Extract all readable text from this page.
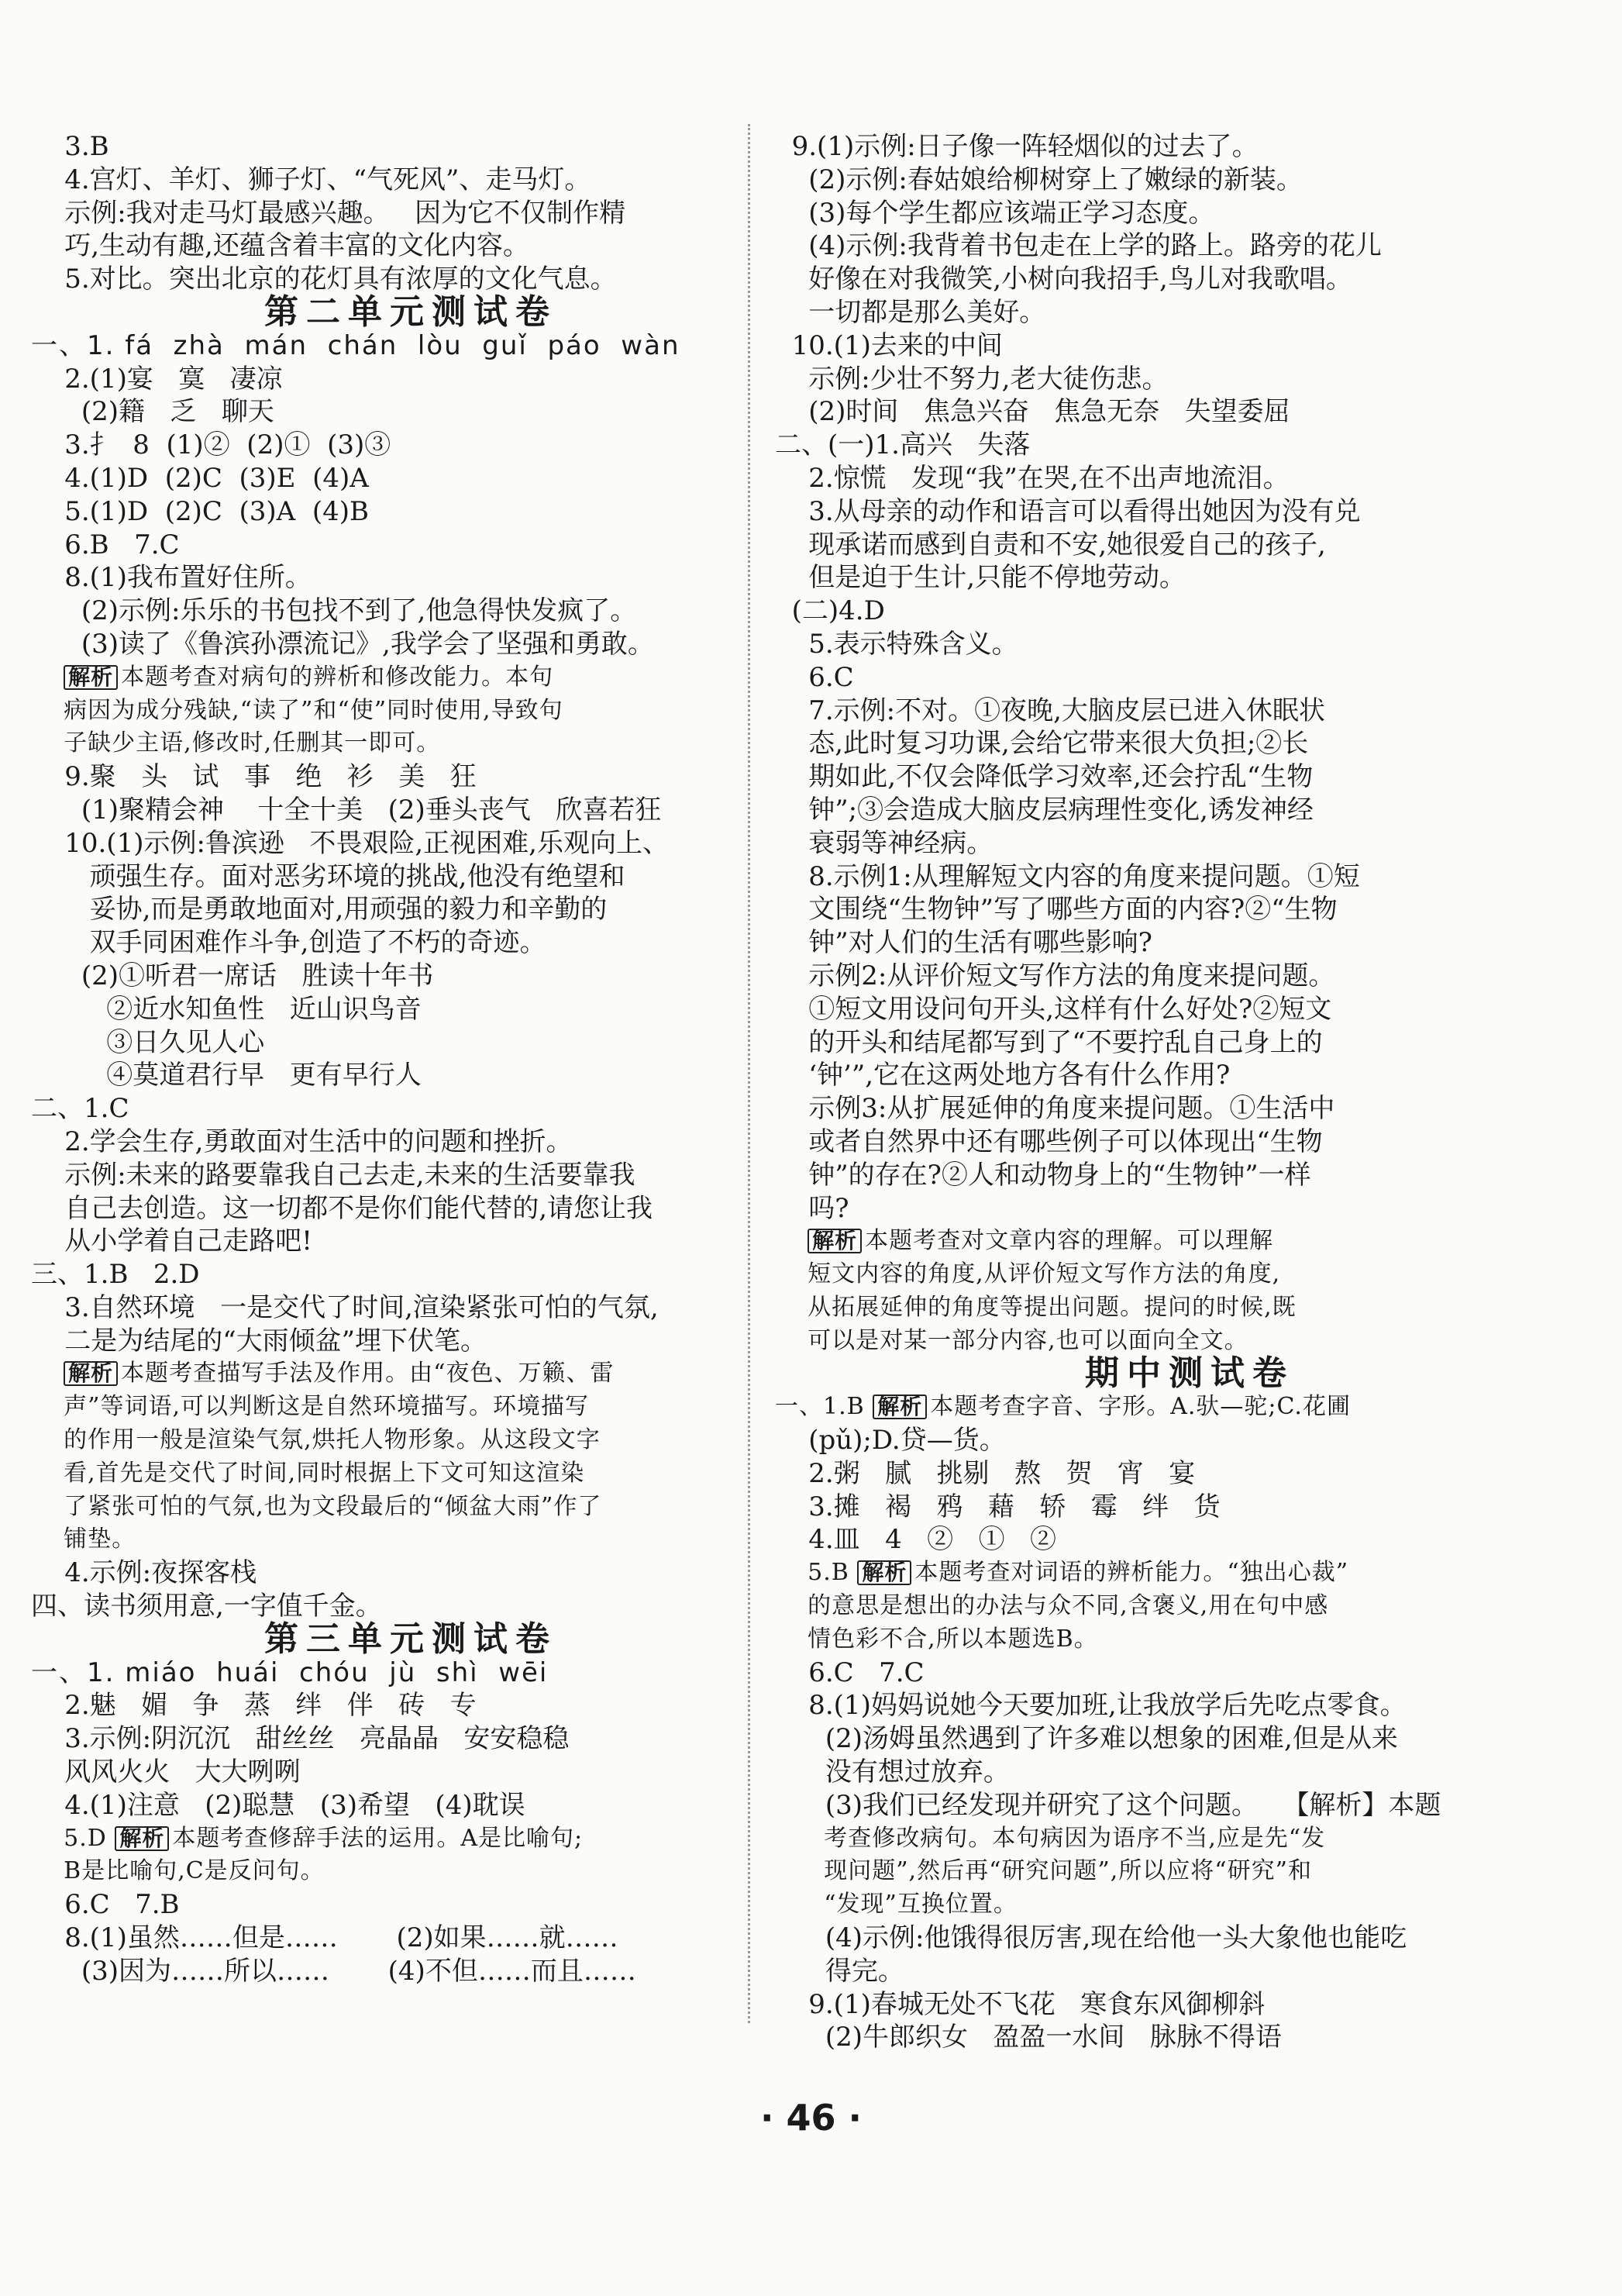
3.B
4.宫灯、羊灯、狮子灯、“气死风”、走马灯。
示例:我对走马灯最感兴趣。   因为它不仅制作精
巧,生动有趣,还蕴含着丰富的文化内容。
5.对比。突出北京的花灯具有浓厚的文化气息。
第二单元测试卷
一、1. fá  zhà  mán  chán  lòu  guǐ  páo  wàn
2.(1)宴   寞   凄凉
(2)籍   乏   聊天
3.扌  8  (1)②  (2)①  (3)③
4.(1)D  (2)C  (3)E  (4)A
5.(1)D  (2)C  (3)A  (4)B
6.B   7.C
8.(1)我布置好住所。
(2)示例:乐乐的书包找不到了,他急得快发疯了。
(3)读了《鲁滨孙漂流记》,我学会了坚强和勇敢。
解析 本题考查对病句的辨析和修改能力。本句
病因为成分残缺,“读了”和“使”同时使用,导致句
子缺少主语,修改时,任删其一即可。
9.聚   头   试   事   绝   衫   美   狂
(1)聚精会神    十全十美   (2)垂头丧气   欣喜若狂
10.(1)示例:鲁滨逊   不畏艰险,正视困难,乐观向上、
顽强生存。面对恶劣环境的挑战,他没有绝望和
妥协,而是勇敢地面对,用顽强的毅力和辛勤的
双手同困难作斗争,创造了不朽的奇迹。
(2)①听君一席话   胜读十年书
②近水知鱼性   近山识鸟音
③日久见人心
④莫道君行早   更有早行人
二、1.C
2.学会生存,勇敢面对生活中的问题和挫折。
示例:未来的路要靠我自己去走,未来的生活要靠我
自己去创造。这一切都不是你们能代替的,请您让我
从小学着自己走路吧!
三、1.B   2.D
3.自然环境   一是交代了时间,渲染紧张可怕的气氛,
二是为结尾的“大雨倾盆”埋下伏笔。
解析 本题考查描写手法及作用。由“夜色、万籁、雷
声”等词语,可以判断这是自然环境描写。环境描写
的作用一般是渲染气氛,烘托人物形象。从这段文字
看,首先是交代了时间,同时根据上下文可知这渲染
了紧张可怕的气氛,也为文段最后的“倾盆大雨”作了
铺垫。
4.示例:夜探客栈
四、读书须用意,一字值千金。
第三单元测试卷
一、1. miáo  huái  chóu  jù  shì  wēi
2.魅   媚   争   蒸   绊   伴   砖   专
3.示例:阴沉沉   甜丝丝   亮晶晶   安安稳稳
风风火火   大大咧咧
4.(1)注意   (2)聪慧   (3)希望   (4)耽误
5.D 解析 本题考查修辞手法的运用。A是比喻句;
B是比喻句,C是反问句。
6.C   7.B
8.(1)虽然……但是……       (2)如果……就……
(3)因为……所以……       (4)不但……而且……
9.(1)示例:日子像一阵轻烟似的过去了。
(2)示例:春姑娘给柳树穿上了嫩绿的新装。
(3)每个学生都应该端正学习态度。
(4)示例:我背着书包走在上学的路上。路旁的花儿
好像在对我微笑,小树向我招手,鸟儿对我歌唱。
一切都是那么美好。
10.(1)去来的中间
示例:少壮不努力,老大徒伤悲。
(2)时间   焦急兴奋   焦急无奈   失望委屈
二、(一)1.高兴   失落
2.惊慌   发现“我”在哭,在不出声地流泪。
3.从母亲的动作和语言可以看得出她因为没有兑
现承诺而感到自责和不安,她很爱自己的孩子,
但是迫于生计,只能不停地劳动。
(二)4.D
5.表示特殊含义。
6.C
7.示例:不对。①夜晚,大脑皮层已进入休眠状
态,此时复习功课,会给它带来很大负担;②长
期如此,不仅会降低学习效率,还会拧乱“生物
钟”;③会造成大脑皮层病理性变化,诱发神经
衰弱等神经病。
8.示例1:从理解短文内容的角度来提问题。①短
文围绕“生物钟”写了哪些方面的内容?②“生物
钟”对人们的生活有哪些影响?
示例2:从评价短文写作方法的角度来提问题。
①短文用设问句开头,这样有什么好处?②短文
的开头和结尾都写到了“不要拧乱自己身上的
‘钟’”,它在这两处地方各有什么作用?
示例3:从扩展延伸的角度来提问题。①生活中
或者自然界中还有哪些例子可以体现出“生物
钟”的存在?②人和动物身上的“生物钟”一样
吗?
解析 本题考查对文章内容的理解。可以理解
短文内容的角度,从评价短文写作方法的角度,
从拓展延伸的角度等提出问题。提问的时候,既
可以是对某一部分内容,也可以面向全文。
期中测试卷
一、1.B 解析 本题考查字音、字形。A.驮—驼;C.花圃
(pǔ);D.贷—货。
2.粥   腻   挑剔   熬   贺   宵   宴
3.摊   褐   鸦   藉   轿   霉   绊   货
4.皿   4   ②   ①   ②
5.B 解析 本题考查对词语的辨析能力。“独出心裁”
的意思是想出的办法与众不同,含褒义,用在句中感
情色彩不合,所以本题选B。
6.C   7.C
8.(1)妈妈说她今天要加班,让我放学后先吃点零食。
(2)汤姆虽然遇到了许多难以想象的困难,但是从来
没有想过放弃。
(3)我们已经发现并研究了这个问题。   【解析】本题
考查修改病句。本句病因为语序不当,应是先“发
现问题”,然后再“研究问题”,所以应将“研究”和
“发现”互换位置。
(4)示例:他饿得很厉害,现在给他一头大象他也能吃
得完。
9.(1)春城无处不飞花   寒食东风御柳斜
(2)牛郎织女   盈盈一水间   脉脉不得语
· 46 ·
